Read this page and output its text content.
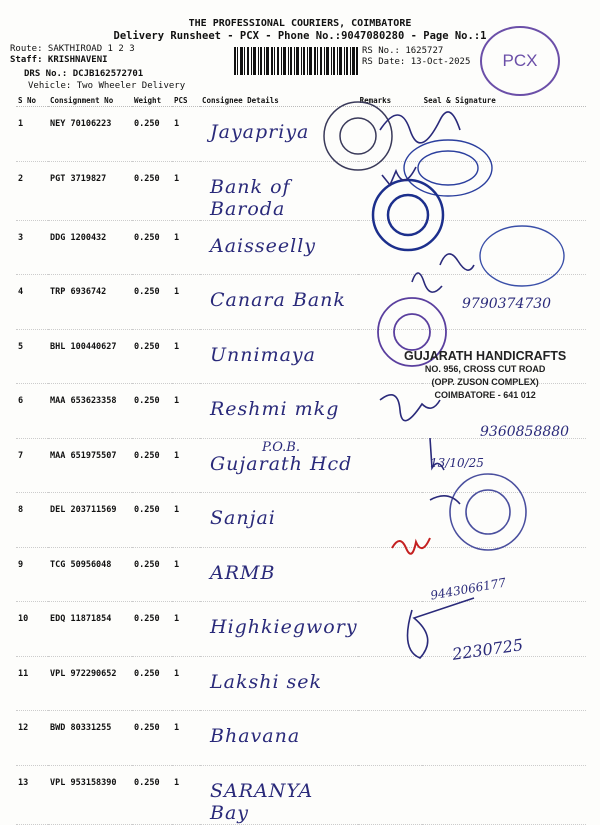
THE PROFESSIONAL COURIERS, COIMBATORE
Delivery Runsheet - PCX - Phone No.:9047080280 - Page No.:1
Route: SAKTHIROAD 1 2 3
Staff: KRISHNAVENI
DRS No.: DCJB162572701
Vehicle: Two Wheeler Delivery
RS No.: 1625727
RS Date: 13-Oct-2025	PCX
S No	Consignment No	Weight	PCS	Consignee Details	Remarks	Seal & Signature
1	NEY 70106223	0.250	1	Jayapriya		

2	PGT 3719827	0.250	1	Bank of Baroda		

3	DDG 1200432	0.250	1	Aaisseelly		

4	TRP 6936742	0.250	1	Canara Bank		

5	BHL 100440627	0.250	1	Unnimaya		

6	MAA 653623358	0.250	1	Reshmi mkg		

7	MAA 651975507	0.250	1	Gujarath Hcd		

8	DEL 203711569	0.250	1	Sanjai		

9	TCG 50956048	0.250	1	ARMB		

10	EDQ 11871854	0.250	1	Highkiegwory		

11	VPL 972290652	0.250	1	Lakshi sek		

12	BWD 80331255	0.250	1	Bhavana		

13	VPL 953158390	0.250	1	SARANYA Bay		

GUJARATH HANDICRAFTS
NO. 956, CROSS CUT ROAD
(OPP. ZUSON COMPLEX)
COIMBATORE - 641 012
9790374730
9360858880
13/10/25
9443066177
2230725
P.O.B.
